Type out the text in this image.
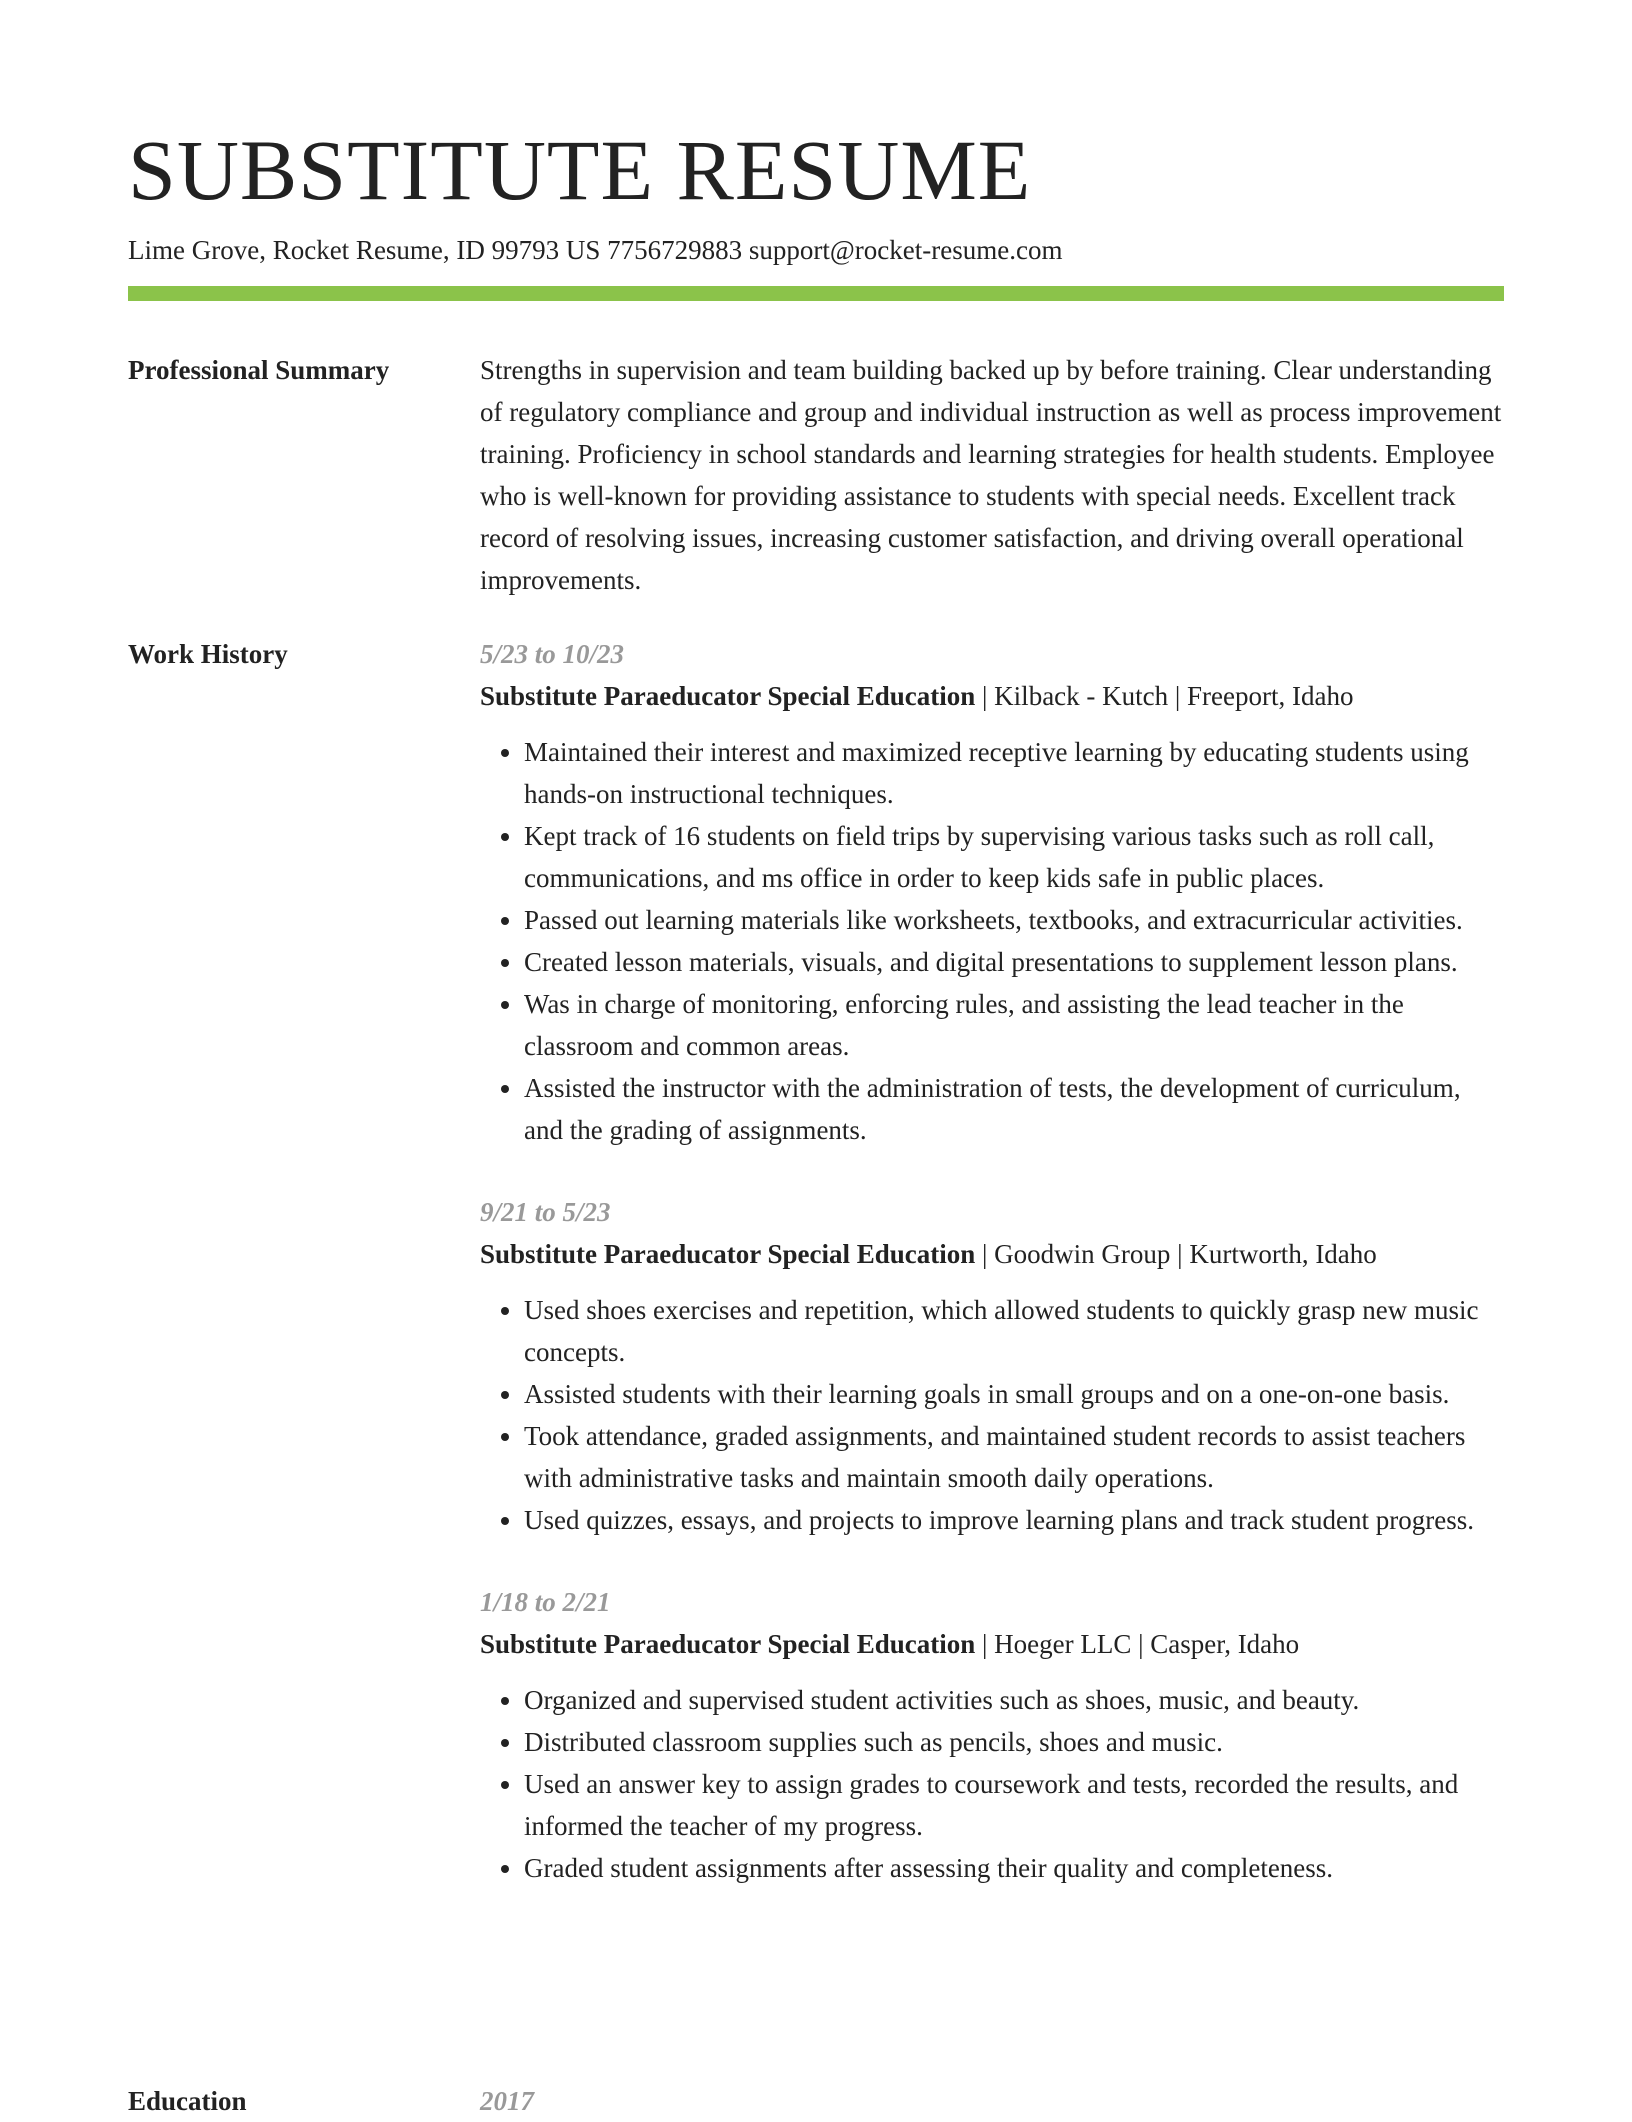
SUBSTITUTE RESUME
Lime Grove, Rocket Resume, ID 99793 US 7756729883 support@rocket-resume.com
Professional Summary	Strengths in supervision and team building backed up by before training. Clear understanding of regulatory compliance and group and individual instruction as well as process improvement training. Proficiency in school standards and learning strategies for health students. Employee who is well-known for providing assistance to students with special needs. Excellent track record of resolving issues, increasing customer satisfaction, and driving overall operational improvements.

Work History	5/23 to 10/23

Substitute Paraeducator Special Education | Kilback - Kutch | Freeport, Idaho

• Maintained their interest and maximized receptive learning by educating students using hands-on instructional techniques.
• Kept track of 16 students on field trips by supervising various tasks such as roll call, communications, and ms office in order to keep kids safe in public places.
• Passed out learning materials like worksheets, textbooks, and extracurricular activities.
• Created lesson materials, visuals, and digital presentations to supplement lesson plans.
• Was in charge of monitoring, enforcing rules, and assisting the lead teacher in the classroom and common areas.
• Assisted the instructor with the administration of tests, the development of curriculum, and the grading of assignments.

9/21 to 5/23

Substitute Paraeducator Special Education | Goodwin Group | Kurtworth, Idaho

• Used shoes exercises and repetition, which allowed students to quickly grasp new music concepts.
• Assisted students with their learning goals in small groups and on a one-on-one basis.
• Took attendance, graded assignments, and maintained student records to assist teachers with administrative tasks and maintain smooth daily operations.
• Used quizzes, essays, and projects to improve learning plans and track student progress.

1/18 to 2/21

Substitute Paraeducator Special Education | Hoeger LLC | Casper, Idaho

• Organized and supervised student activities such as shoes, music, and beauty.
• Distributed classroom supplies such as pencils, shoes and music.
• Used an answer key to assign grades to coursework and tests, recorded the results, and informed the teacher of my progress.
• Graded student assignments after assessing their quality and completeness.
Education	2017
